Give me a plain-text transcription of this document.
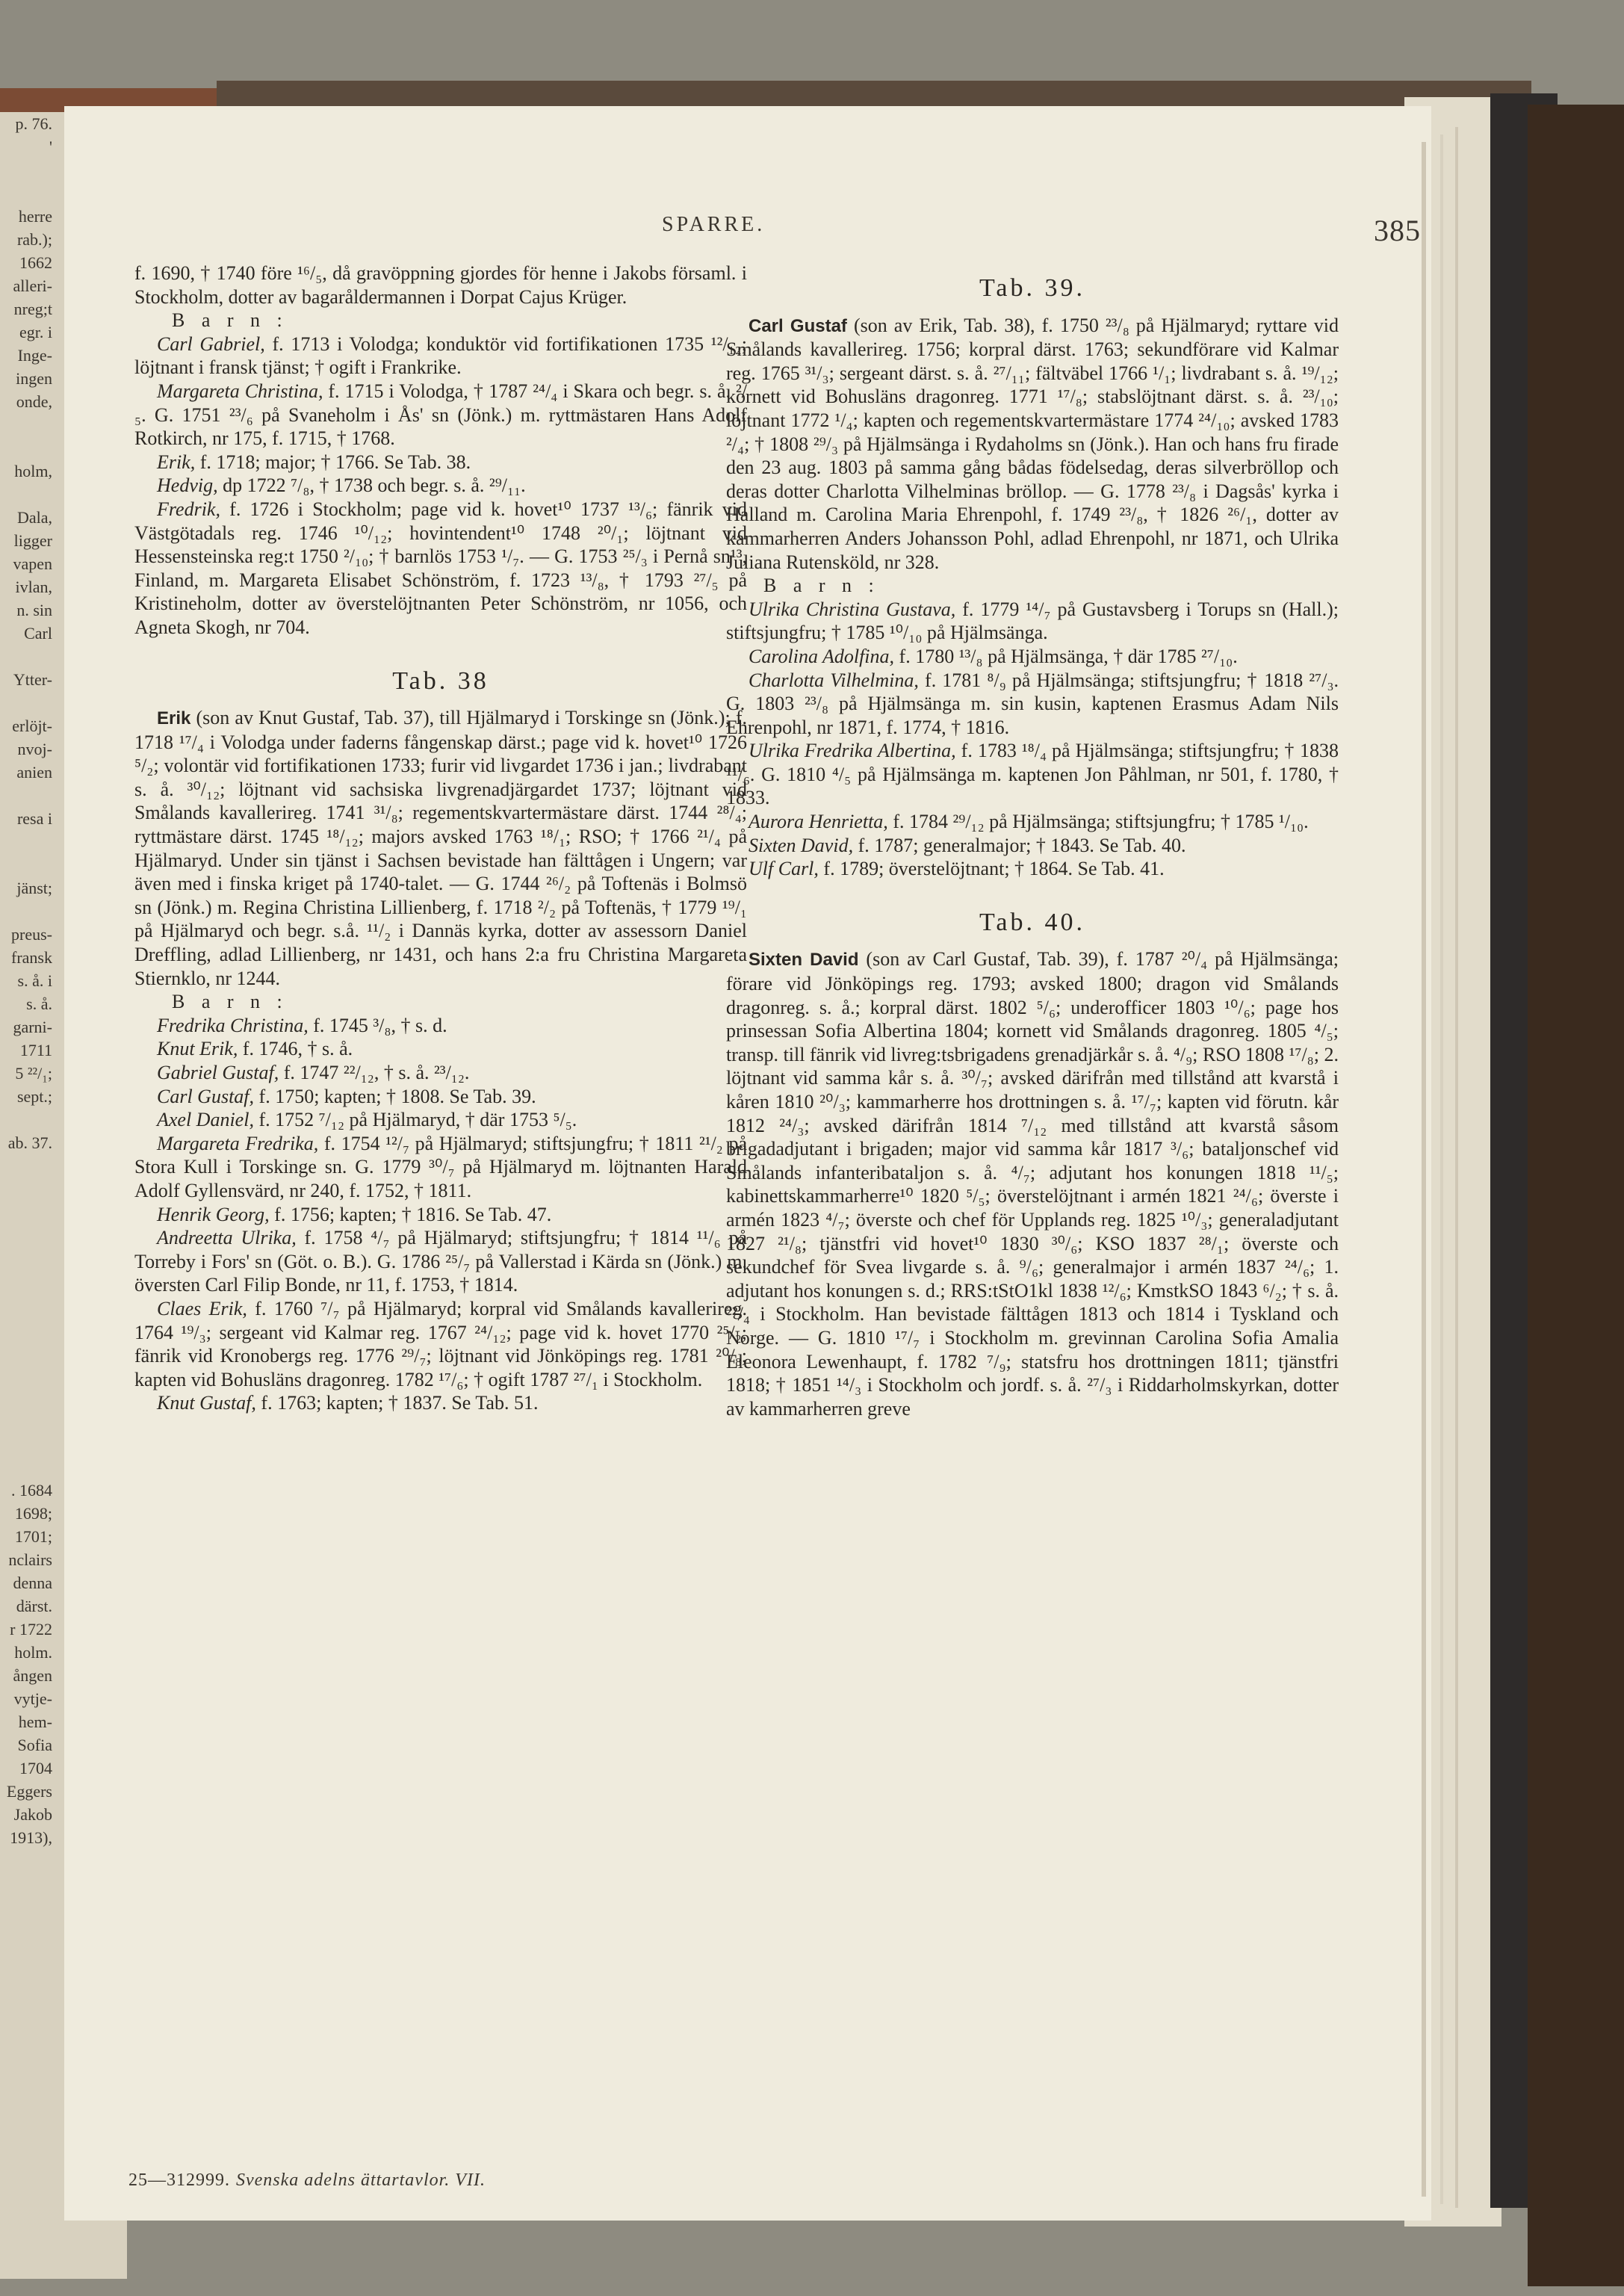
p. 76.
'

herre
rab.);
1662
alleri-
nreg;t
egr. i
Inge-
ingen
onde,

holm,

Dala,
ligger
vapen
ivlan,
n. sin
Carl

Ytter-

erlöjt-
nvoj-
anien

resa i

jänst;

preus-
fransk
s. å. i
s. å.
garni-
1711
5 ²²/₁;
sept.;

ab. 37.

. 1684
1698;
1701;
nclairs
denna
därst.
r 1722
holm.
ången
vytje-
hem-
Sofia
1704
Eggers
Jakob
1913),
SPARRE.	385

f. 1690, † 1740 före ¹⁶/₅, då gravöppning gjordes för henne i Jakobs församl. i Stockholm, dotter av bagaråldermannen i Dorpat Cajus Krüger.

B a r n :

Carl Gabriel, f. 1713 i Volodga; konduktör vid fortifikationen 1735 ¹²/₁₂; löjtnant i fransk tjänst; † ogift i Frankrike.

Margareta Christina, f. 1715 i Volodga, † 1787 ²⁴/₄ i Skara och begr. s. å. ²/₅. G. 1751 ²³/₆ på Svaneholm i Ås' sn (Jönk.) m. ryttmästaren Hans Adolf Rotkirch, nr 175, f. 1715, † 1768.

Erik, f. 1718; major; † 1766. Se Tab. 38.

Hedvig, dp 1722 ⁷/₈, † 1738 och begr. s. å. ²⁹/₁₁.

Fredrik, f. 1726 i Stockholm; page vid k. hovet¹⁰ 1737 ¹³/₆; fänrik vid Västgötadals reg. 1746 ¹⁰/₁₂; hovintendent¹⁰ 1748 ²⁰/₁; löjtnant vid Hessensteinska reg:t 1750 ²/₁₀; † barnlös 1753 ¹/₇. — G. 1753 ²⁵/₃ i Pernå sn¹³, Finland, m. Margareta Elisabet Schönström, f. 1723 ¹³/₈, † 1793 ²⁷/₅ på Kristineholm, dotter av överstelöjtnanten Peter Schönström, nr 1056, och Agneta Skogh, nr 704.

Tab. 38

Erik (son av Knut Gustaf, Tab. 37), till Hjälmaryd i Torskinge sn (Jönk.); f. 1718 ¹⁷/₄ i Volodga under faderns fångenskap därst.; page vid k. hovet¹⁰ 1726 ⁵/₂; volontär vid fortifikationen 1733; furir vid livgardet 1736 i jan.; livdrabant s. å. ³⁰/₁₂; löjtnant vid sachsiska livgrenadjärgardet 1737; löjtnant vid Smålands kavallerireg. 1741 ³¹/₈; regementskvartermästare därst. 1744 ²⁸/₄; ryttmästare därst. 1745 ¹⁸/₁₂; majors avsked 1763 ¹⁸/₁; RSO; † 1766 ²¹/₄ på Hjälmaryd. Under sin tjänst i Sachsen bevistade han fälttågen i Ungern; var även med i finska kriget på 1740-talet. — G. 1744 ²⁶/₂ på Toftenäs i Bolmsö sn (Jönk.) m. Regina Christina Lillienberg, f. 1718 ²/₂ på Toftenäs, † 1779 ¹⁹/₁ på Hjälmaryd och begr. s.å. ¹¹/₂ i Dannäs kyrka, dotter av assessorn Daniel Dreffling, adlad Lillienberg, nr 1431, och hans 2:a fru Christina Margareta Stiernklo, nr 1244.

B a r n :

Fredrika Christina, f. 1745 ³/₈, † s. d.

Knut Erik, f. 1746, † s. å.

Gabriel Gustaf, f. 1747 ²²/₁₂, † s. å. ²³/₁₂.

Carl Gustaf, f. 1750; kapten; † 1808. Se Tab. 39.

Axel Daniel, f. 1752 ⁷/₁₂ på Hjälmaryd, † där 1753 ⁵/₅.

Margareta Fredrika, f. 1754 ¹²/₇ på Hjälmaryd; stiftsjungfru; † 1811 ²¹/₂ på Stora Kull i Torskinge sn. G. 1779 ³⁰/₇ på Hjälmaryd m. löjtnanten Harald Adolf Gyllensvärd, nr 240, f. 1752, † 1811.

Henrik Georg, f. 1756; kapten; † 1816. Se Tab. 47.

Andreetta Ulrika, f. 1758 ⁴/₇ på Hjälmaryd; stiftsjungfru; † 1814 ¹¹/₆ på Torreby i Fors' sn (Göt. o. B.). G. 1786 ²⁵/₇ på Vallerstad i Kärda sn (Jönk.) m. översten Carl Filip Bonde, nr 11, f. 1753, † 1814.

Claes Erik, f. 1760 ⁷/₇ på Hjälmaryd; korpral vid Smålands kavallerireg. 1764 ¹⁹/₃; sergeant vid Kalmar reg. 1767 ²⁴/₁₂; page vid k. hovet 1770 ²⁵/₂; fänrik vid Kronobergs reg. 1776 ²⁹/₇; löjtnant vid Jönköpings reg. 1781 ²⁰/₈; kapten vid Bohusläns dragonreg. 1782 ¹⁷/₆; † ogift 1787 ²⁷/₁ i Stockholm.

Knut Gustaf, f. 1763; kapten; † 1837. Se Tab. 51.

Tab. 39.

Carl Gustaf (son av Erik, Tab. 38), f. 1750 ²³/₈ på Hjälmaryd; ryttare vid Smålands kavallerireg. 1756; korpral därst. 1763; sekundförare vid Kalmar reg. 1765 ³¹/₃; sergeant därst. s. å. ²⁷/₁₁; fältväbel 1766 ¹/₁; livdrabant s. å. ¹⁹/₁₂; kornett vid Bohusläns dragonreg. 1771 ¹⁷/₈; stabslöjtnant därst. s. å. ²³/₁₀; löjtnant 1772 ¹/₄; kapten och regementskvartermästare 1774 ²⁴/₁₀; avsked 1783 ²/₄; † 1808 ²⁹/₃ på Hjälmsänga i Rydaholms sn (Jönk.). Han och hans fru firade den 23 aug. 1803 på samma gång bådas födelsedag, deras silverbröllop och deras dotter Charlotta Vilhelminas bröllop. — G. 1778 ²³/₈ i Dagsås' kyrka i Halland m. Carolina Maria Ehrenpohl, f. 1749 ²³/₈, † 1826 ²⁶/₁, dotter av kammarherren Anders Johansson Pohl, adlad Ehrenpohl, nr 1871, och Ulrika Juliana Rutensköld, nr 328.

B a r n :

Ulrika Christina Gustava, f. 1779 ¹⁴/₇ på Gustavsberg i Torups sn (Hall.); stiftsjungfru; † 1785 ¹⁰/₁₀ på Hjälmsänga.

Carolina Adolfina, f. 1780 ¹³/₈ på Hjälmsänga, † där 1785 ²⁷/₁₀.

Charlotta Vilhelmina, f. 1781 ⁸/₉ på Hjälmsänga; stiftsjungfru; † 1818 ²⁷/₃. G. 1803 ²³/₈ på Hjälmsänga m. sin kusin, kaptenen Erasmus Adam Nils Ehrenpohl, nr 1871, f. 1774, † 1816.

Ulrika Fredrika Albertina, f. 1783 ¹⁸/₄ på Hjälmsänga; stiftsjungfru; † 1838 ¹¹/₆. G. 1810 ⁴/₅ på Hjälmsänga m. kaptenen Jon Påhlman, nr 501, f. 1780, † 1833.

Aurora Henrietta, f. 1784 ²⁹/₁₂ på Hjälmsänga; stiftsjungfru; † 1785 ¹/₁₀.

Sixten David, f. 1787; generalmajor; † 1843. Se Tab. 40.

Ulf Carl, f. 1789; överstelöjtnant; † 1864. Se Tab. 41.

Tab. 40.

Sixten David (son av Carl Gustaf, Tab. 39), f. 1787 ²⁰/₄ på Hjälmsänga; förare vid Jönköpings reg. 1793; avsked 1800; dragon vid Smålands dragonreg. s. å.; korpral därst. 1802 ⁵/₆; underofficer 1803 ¹⁰/₆; page hos prinsessan Sofia Albertina 1804; kornett vid Smålands dragonreg. 1805 ⁴/₅; transp. till fänrik vid livreg:tsbrigadens grenadjärkår s. å. ⁴/₉; RSO 1808 ¹⁷/₈; 2. löjtnant vid samma kår s. å. ³⁰/₇; avsked därifrån med tillstånd att kvarstå i kåren 1810 ²⁰/₃; kammarherre hos drottningen s. å. ¹⁷/₇; kapten vid förutn. kår 1812 ²⁴/₃; avsked därifrån 1814 ⁷/₁₂ med tillstånd att kvarstå såsom brigadadjutant i brigaden; major vid samma kår 1817 ³/₆; bataljonschef vid Smålands infanteribataljon s. å. ⁴/₇; adjutant hos konungen 1818 ¹¹/₅; kabinettskammarherre¹⁰ 1820 ⁵/₅; överstelöjtnant i armén 1821 ²⁴/₆; överste i armén 1823 ⁴/₇; överste och chef för Upplands reg. 1825 ¹⁰/₃; generaladjutant 1827 ²¹/₈; tjänstfri vid hovet¹⁰ 1830 ³⁰/₆; KSO 1837 ²⁸/₁; överste och sekundchef för Svea livgarde s. å. ⁹/₆; generalmajor i armén 1837 ²⁴/₆; 1. adjutant hos konungen s. d.; RRS:tStO1kl 1838 ¹²/₆; KmstkSO 1843 ⁶/₂; † s. å. ²²/₄ i Stockholm. Han bevistade fälttågen 1813 och 1814 i Tyskland och Norge. — G. 1810 ¹⁷/₇ i Stockholm m. grevinnan Carolina Sofia Amalia Eleonora Lewenhaupt, f. 1782 ⁷/₉; statsfru hos drottningen 1811; tjänstfri 1818; † 1851 ¹⁴/₃ i Stockholm och jordf. s. å. ²⁷/₃ i Riddarholmskyrkan, dotter av kammarherren greve

25—312999. Svenska adelns ättartavlor. VII.
